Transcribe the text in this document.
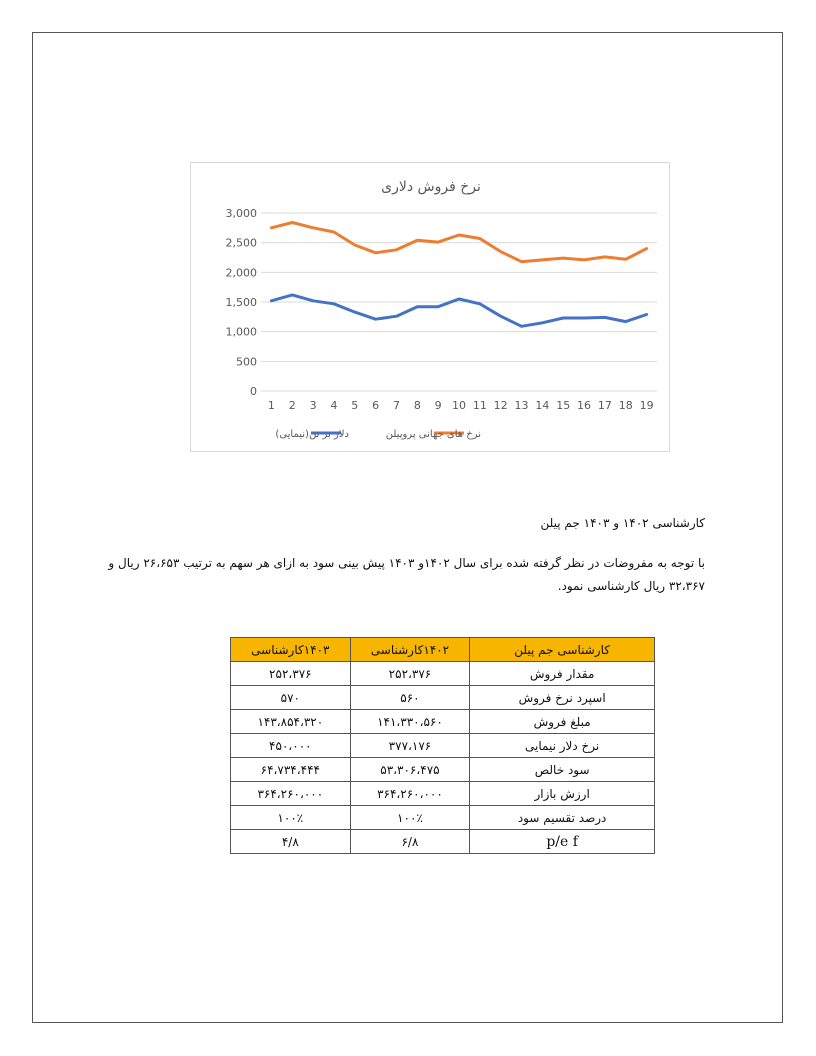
نرخ فروش دلاری
0
500
1,000
1,500
2,000
2,500
3,000
1 2 3 4 5 6 7 8 9 10 11 12 13 14 15 16 17 18 19
نرخ های جهانی پروپیلن
دلار بر تن(نیمایی)
کارشناسی ۱۴۰۲ و ۱۴۰۳ جم پیلن
با توجه به مفروضات در نظر گرفته شده برای سال ۱۴۰۲و ۱۴۰۳ پیش بینی سود به ازای هر سهم به ترتیب ۲۶،۶۵۳ ریال و ۳۲،۳۶۷ ریال کارشناسی نمود.
کارشناسی جم پیلن	۱۴۰۲کارشناسی	۱۴۰۳کارشناسی
مقدار فروش	۲۵۲،۳۷۶	۲۵۲،۳۷۶
اسپرد نرخ فروش	۵۶۰	۵۷۰
مبلغ فروش	۱۴۱،۳۳۰،۵۶۰	۱۴۳،۸۵۴،۳۲۰
نرخ دلار نیمایی	۳۷۷،۱۷۶	۴۵۰،۰۰۰
سود خالص	۵۳،۳۰۶،۴۷۵	۶۴،۷۳۴،۴۴۴
ارزش بازار	۳۶۴،۲۶۰،۰۰۰	۳۶۴،۲۶۰،۰۰۰
درصد تقسیم سود	۱۰۰٪	۱۰۰٪
p/e f	۶/۸	۴/۸
